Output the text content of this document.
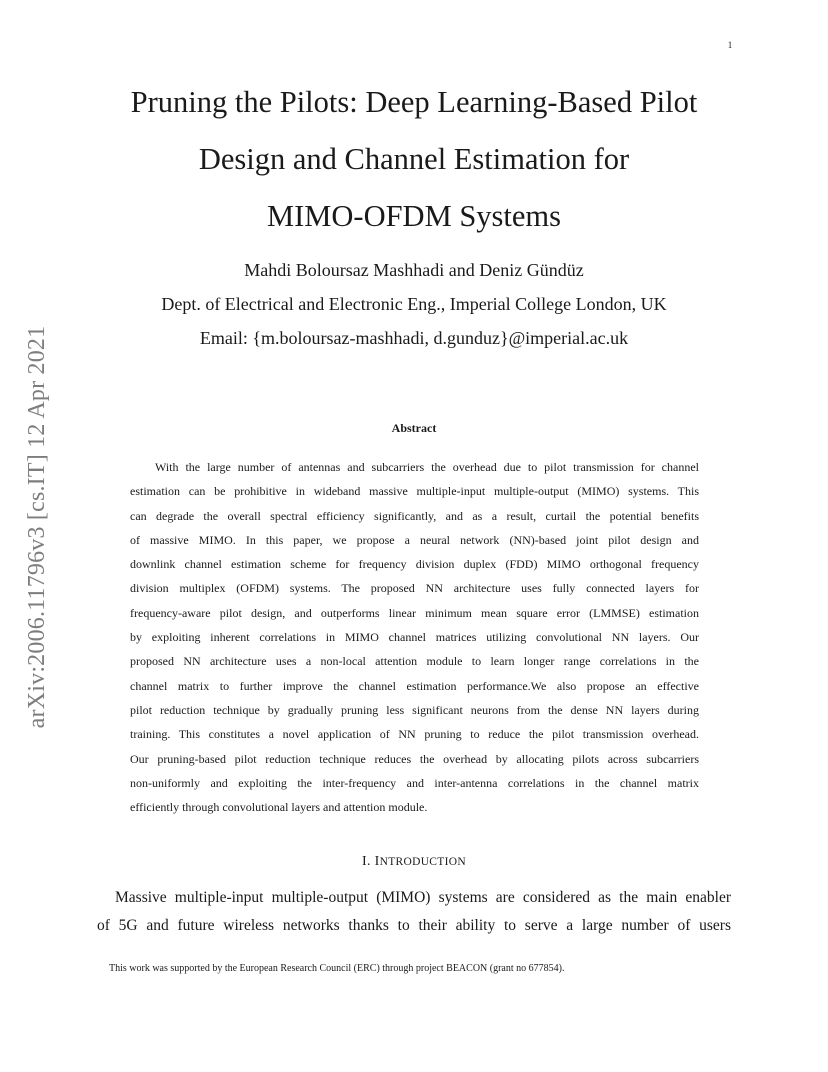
1
arXiv:2006.11796v3 [cs.IT] 12 Apr 2021
Pruning the Pilots: Deep Learning-Based Pilot
Design and Channel Estimation for
MIMO-OFDM Systems
Mahdi Boloursaz Mashhadi and Deniz Gündüz
Dept. of Electrical and Electronic Eng., Imperial College London, UK
Email: {m.boloursaz-mashhadi, d.gunduz}@imperial.ac.uk
Abstract
With the large number of antennas and subcarriers the overhead due to pilot transmission for channel
estimation can be prohibitive in wideband massive multiple-input multiple-output (MIMO) systems. This
can degrade the overall spectral efficiency significantly, and as a result, curtail the potential benefits
of massive MIMO. In this paper, we propose a neural network (NN)-based joint pilot design and
downlink channel estimation scheme for frequency division duplex (FDD) MIMO orthogonal frequency
division multiplex (OFDM) systems. The proposed NN architecture uses fully connected layers for
frequency-aware pilot design, and outperforms linear minimum mean square error (LMMSE) estimation
by exploiting inherent correlations in MIMO channel matrices utilizing convolutional NN layers. Our
proposed NN architecture uses a non-local attention module to learn longer range correlations in the
channel matrix to further improve the channel estimation performance.We also propose an effective
pilot reduction technique by gradually pruning less significant neurons from the dense NN layers during
training. This constitutes a novel application of NN pruning to reduce the pilot transmission overhead.
Our pruning-based pilot reduction technique reduces the overhead by allocating pilots across subcarriers
non-uniformly and exploiting the inter-frequency and inter-antenna correlations in the channel matrix
efficiently through convolutional layers and attention module.
I. INTRODUCTION
Massive multiple-input multiple-output (MIMO) systems are considered as the main enabler
of 5G and future wireless networks thanks to their ability to serve a large number of users
This work was supported by the European Research Council (ERC) through project BEACON (grant no 677854).
